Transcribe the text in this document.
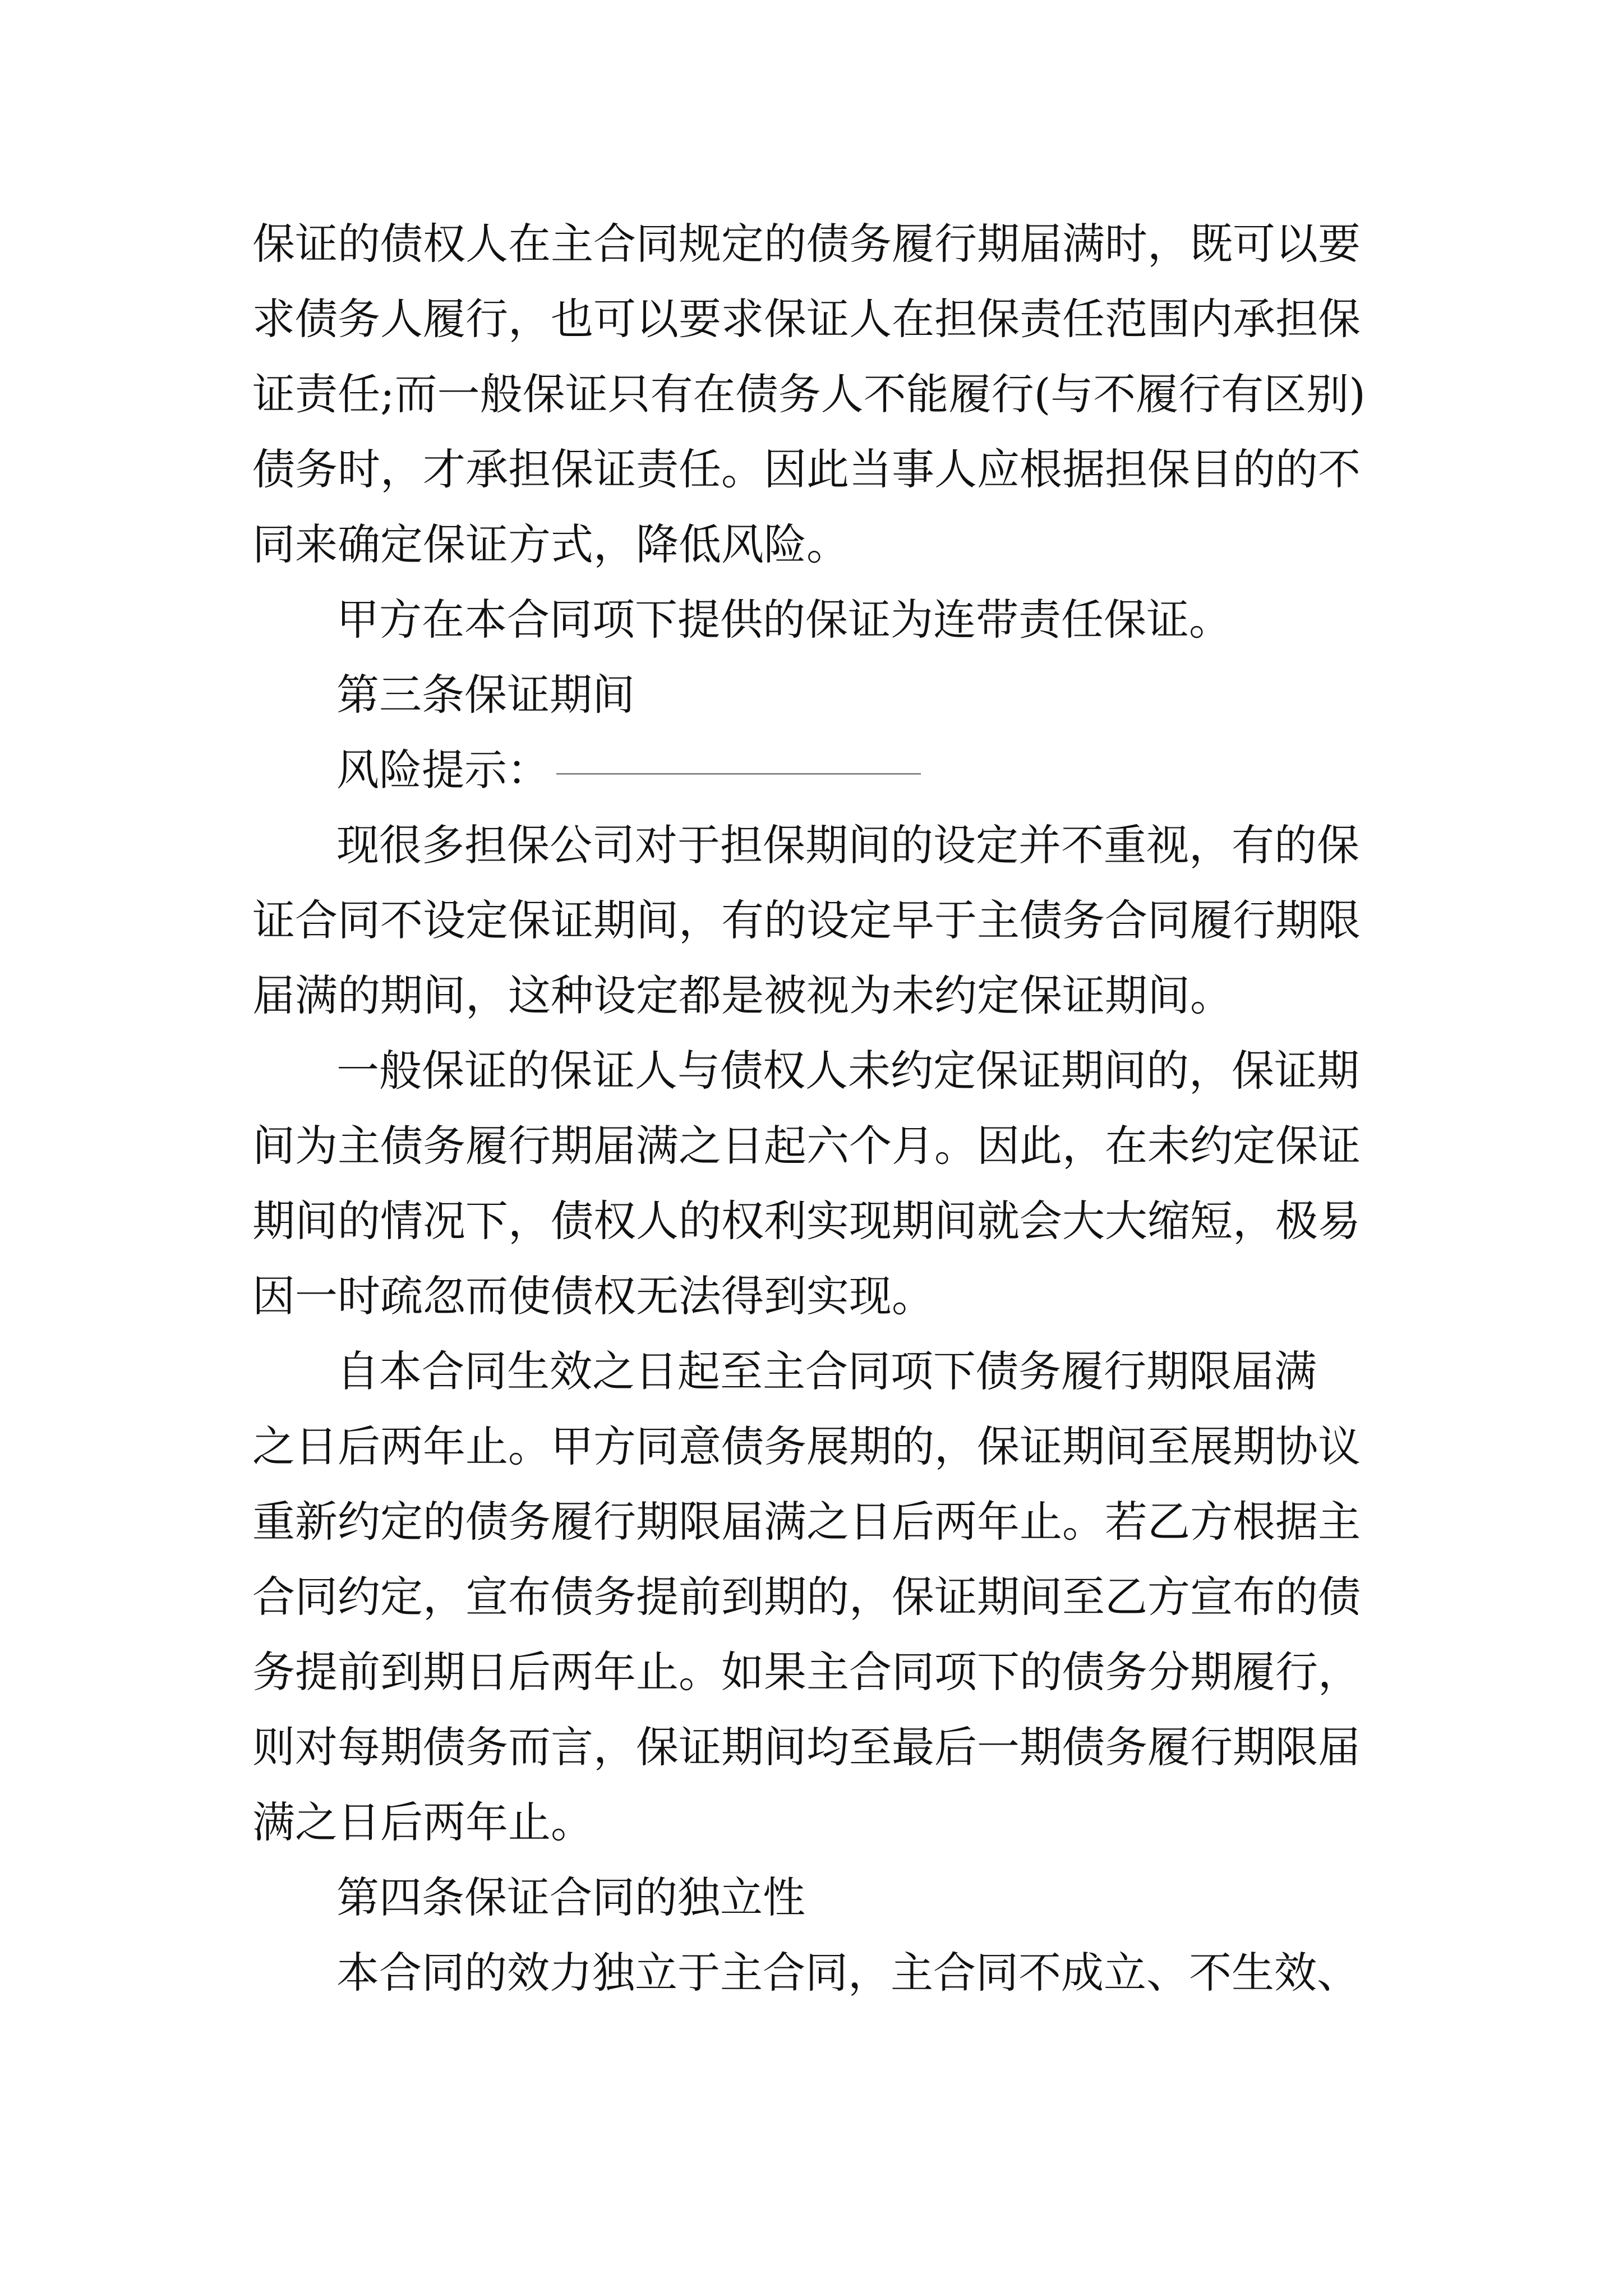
保证的债权人在主合同规定的债务履行期届满时，既可以要
求债务人履行，也可以要求保证人在担保责任范围内承担保
证责任;而一般保证只有在债务人不能履行(与不履行有区别)
债务时，才承担保证责任。因此当事人应根据担保目的的不
同来确定保证方式，降低风险。
甲方在本合同项下提供的保证为连带责任保证。
第三条保证期间
风险提示：
现很多担保公司对于担保期间的设定并不重视，有的保
证合同不设定保证期间，有的设定早于主债务合同履行期限
届满的期间，这种设定都是被视为未约定保证期间。
一般保证的保证人与债权人未约定保证期间的，保证期
间为主债务履行期届满之日起六个月。因此，在未约定保证
期间的情况下，债权人的权利实现期间就会大大缩短，极易
因一时疏忽而使债权无法得到实现。
自本合同生效之日起至主合同项下债务履行期限届满
之日后两年止。甲方同意债务展期的，保证期间至展期协议
重新约定的债务履行期限届满之日后两年止。若乙方根据主
合同约定，宣布债务提前到期的，保证期间至乙方宣布的债
务提前到期日后两年止。如果主合同项下的债务分期履行，
则对每期债务而言，保证期间均至最后一期债务履行期限届
满之日后两年止。
第四条保证合同的独立性
本合同的效力独立于主合同，主合同不成立、不生效、
